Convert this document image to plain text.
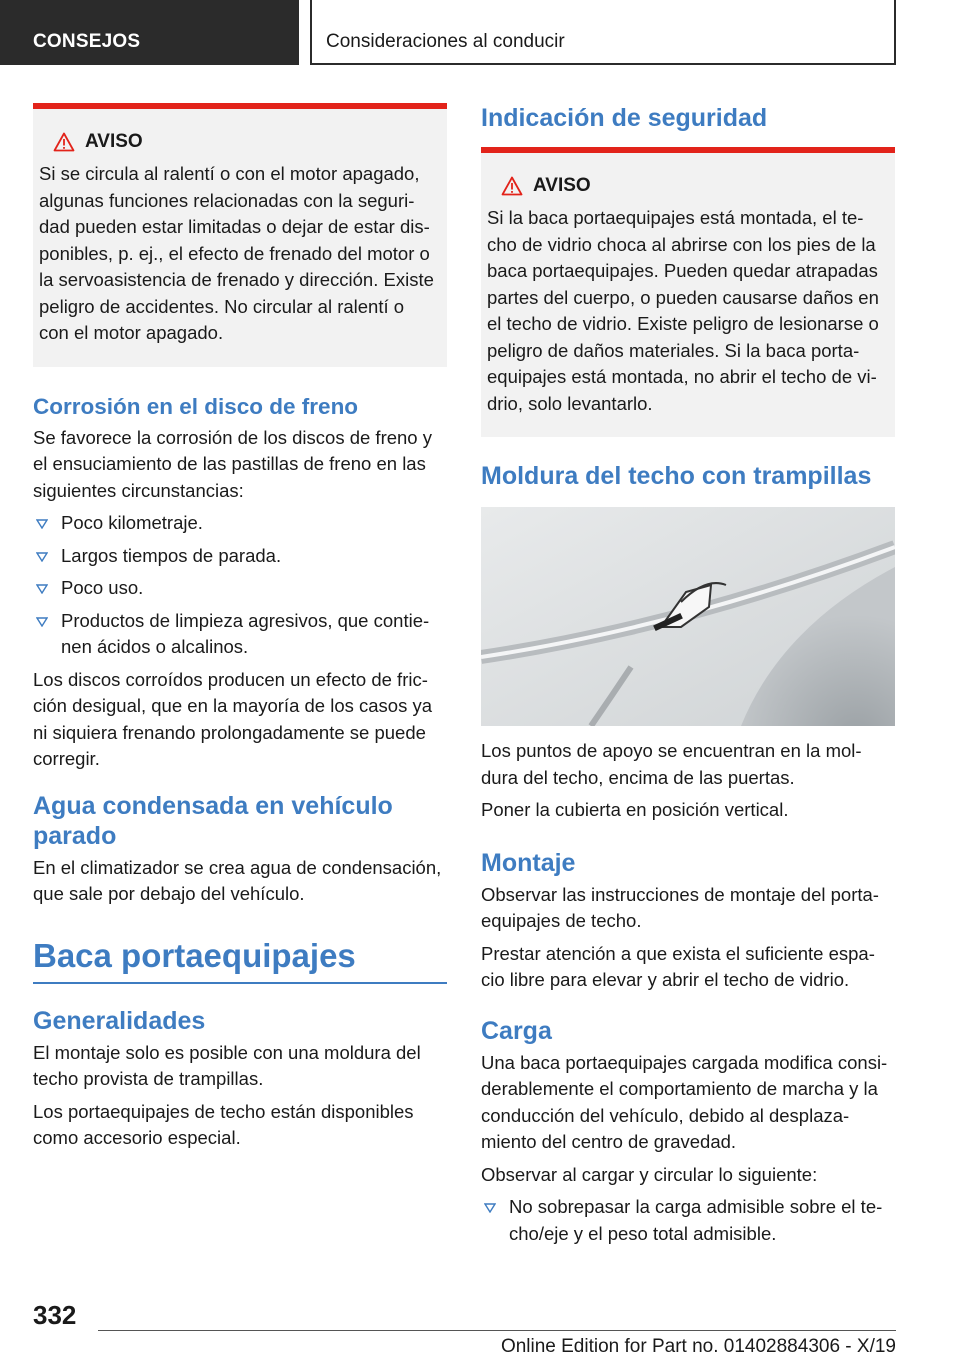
CONSEJOS	Consideraciones al conducir
AVISO

Si se circula al ralentí o con el motor apagado, algunas funciones relacionadas con la seguri-dad pueden estar limitadas o dejar de estar dis-ponibles, p. ej., el efecto de frenado del motor o la servoasistencia de frenado y dirección. Existe peligro de accidentes. No circular al ralentí o con el motor apagado.

Corrosión en el disco de freno

Se favorece la corrosión de los discos de freno y el ensuciamiento de las pastillas de freno en las siguientes circunstancias:

Poco kilometraje.
Largos tiempos de parada.
Poco uso.
Productos de limpieza agresivos, que contie-nen ácidos o alcalinos.

Los discos corroídos producen un efecto de fric-ción desigual, que en la mayoría de los casos ya ni siquiera frenando prolongadamente se puede corregir.

Agua condensada en vehículo parado

En el climatizador se crea agua de condensación, que sale por debajo del vehículo.

Baca portaequipajes
Generalidades

El montaje solo es posible con una moldura del techo provista de trampillas.

Los portaequipajes de techo están disponibles como accesorio especial.

Indicación de seguridad
AVISO

Si la baca portaequipajes está montada, el te-cho de vidrio choca al abrirse con los pies de la baca portaequipajes. Pueden quedar atrapadas partes del cuerpo, o pueden causarse daños en el techo de vidrio. Existe peligro de lesionarse o peligro de daños materiales. Si la baca porta-equipajes está montada, no abrir el techo de vi-drio, solo levantarlo.

Moldura del techo con trampillas

Los puntos de apoyo se encuentran en la mol-dura del techo, encima de las puertas.

Poner la cubierta en posición vertical.

Montaje

Observar las instrucciones de montaje del porta-equipajes de techo.

Prestar atención a que exista el suficiente espa-cio libre para elevar y abrir el techo de vidrio.

Carga

Una baca portaequipajes cargada modifica consi-derablemente el comportamiento de marcha y la conducción del vehículo, debido al desplaza-miento del centro de gravedad.

Observar al cargar y circular lo siguiente:

No sobrepasar la carga admisible sobre el te-cho/eje y el peso total admisible.
332
Online Edition for Part no. 01402884306 - X/19
